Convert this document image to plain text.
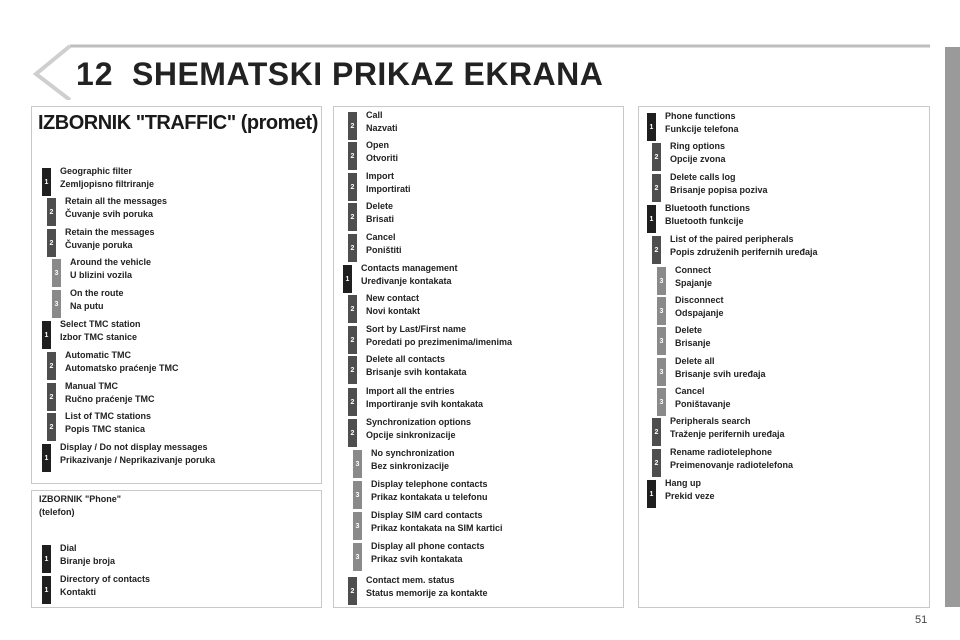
12 SHEMATSKI PRIKAZ EKRANA
IZBORNIK "TRAFFIC" (promet)
IZBORNIK "Phone"
(telefon)
1
Geographic filter
Zemljopisno filtriranje
2
Retain all the messages
Čuvanje svih poruka
2
Retain the messages
Čuvanje poruka
3
Around the vehicle
U blizini vozila
3
On the route
Na putu
1
Select TMC station
Izbor TMC stanice
2
Automatic TMC
Automatsko praćenje TMC
2
Manual TMC
Ručno praćenje TMC
2
List of TMC stations
Popis TMC stanica
1
Display / Do not display messages
Prikazivanje / Neprikazivanje poruka
1
Dial
Biranje broja
1
Directory of contacts
Kontakti
2
Call
Nazvati
2
Open
Otvoriti
2
Import
Importirati
2
Delete
Brisati
2
Cancel
Poništiti
1
Contacts management
Uređivanje kontakata
2
New contact
Novi kontakt
2
Sort by Last/First name
Poredati po prezimenima/imenima
2
Delete all contacts
Brisanje svih kontakata
2
Import all the entries
Importiranje svih kontakata
2
Synchronization options
Opcije sinkronizacije
3
No synchronization
Bez sinkronizacije
3
Display telephone contacts
Prikaz kontakata u telefonu
3
Display SIM card contacts
Prikaz kontakata na SIM kartici
3
Display all phone contacts
Prikaz svih kontakata
2
Contact mem. status
Status memorije za kontakte
1
Phone functions
Funkcije telefona
2
Ring options
Opcije zvona
2
Delete calls log
Brisanje popisa poziva
1
Bluetooth functions
Bluetooth funkcije
2
List of the paired peripherals
Popis združenih perifernih uređaja
3
Connect
Spajanje
3
Disconnect
Odspajanje
3
Delete
Brisanje
3
Delete all
Brisanje svih uređaja
3
Cancel
Poništavanje
2
Peripherals search
Traženje perifernih uređaja
2
Rename radiotelephone
Preimenovanje radiotelefona
1
Hang up
Prekid veze
51
